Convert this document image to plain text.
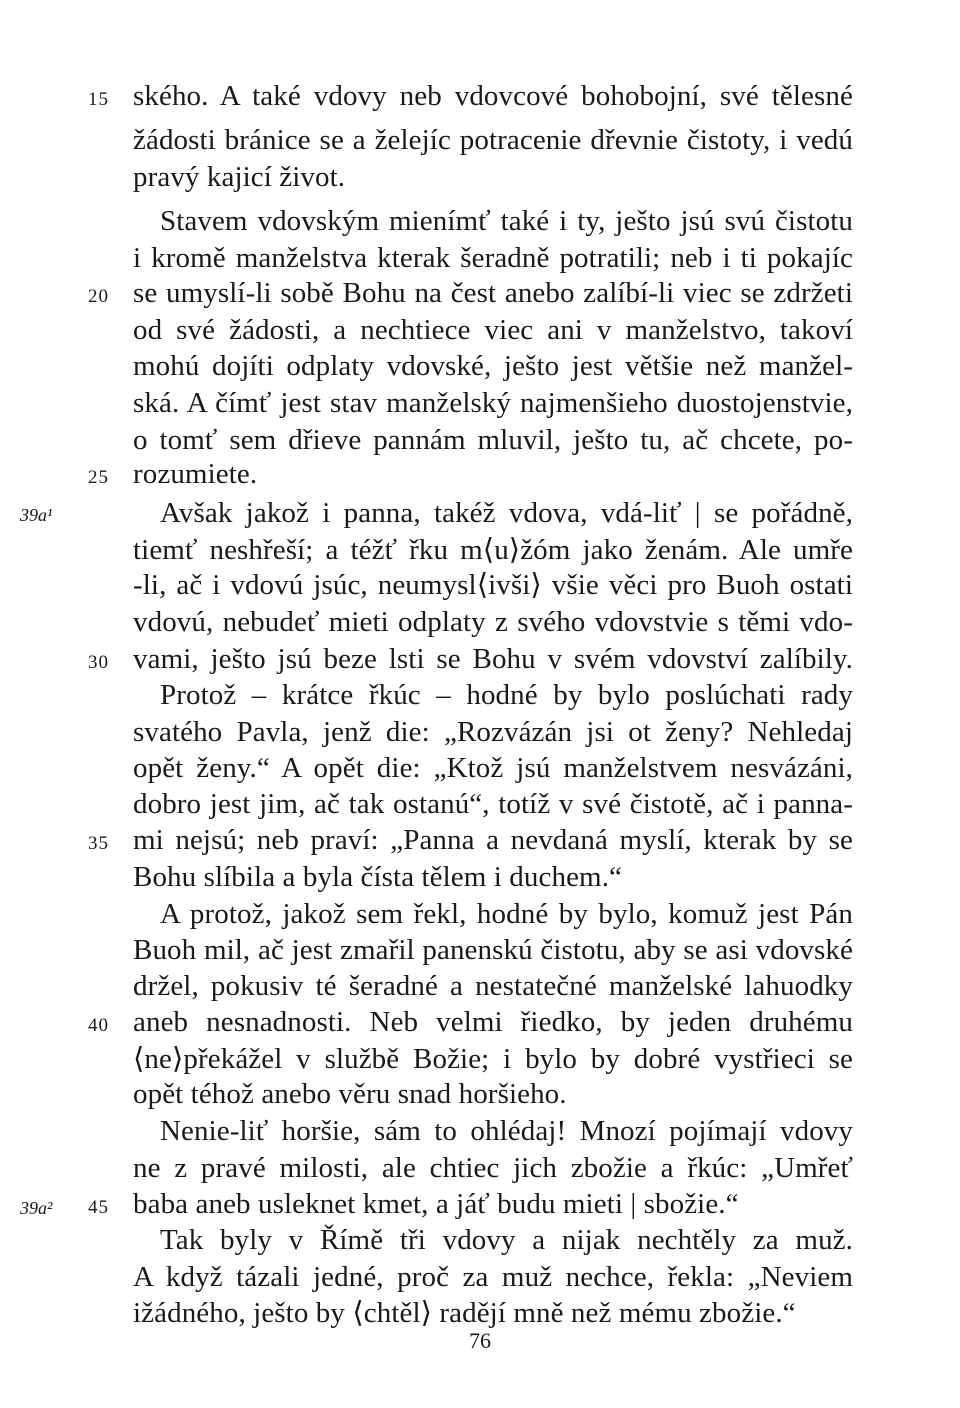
ského. A také vdovy neb vdovcové bohobojní, své tělesné
žádosti bránice se a želejíc potracenie dřevnie čistoty, i vedú
pravý kajicí život.
Stavem vdovským mienímť také i ty, ješto jsú svú čistotu
i kromě manželstva kterak šeradně potratili; neb i ti pokajíc
se umyslí-li sobě Bohu na čest anebo zalíbí-li viec se zdržeti
od své žádosti, a nechtiece viec ani v manželstvo, takoví
mohú dojíti odplaty vdovské, ješto jest většie než manžel-
ská. A čímť jest stav manželský najmenšieho duostojenstvie,
o tomť sem dřieve pannám mluvil, ješto tu, ač chcete, po-
rozumiete.
Avšak jakož i panna, takéž vdova, vdá-liť | se pořádně,
tiemť neshřeší; a téžť řku m⟨u⟩žóm jako ženám. Ale umře
-li, ač i vdovú jsúc, neumysl⟨ivši⟩ všie věci pro Buoh ostati
vdovú, nebudeť mieti odplaty z svého vdovstvie s těmi vdo-
vami, ješto jsú beze lsti se Bohu v svém vdovství zalíbily.
Protož – krátce řkúc – hodné by bylo poslúchati rady
svatého Pavla, jenž die: „Rozvázán jsi ot ženy? Nehledaj
opět ženy.“ A opět die: „Ktož jsú manželstvem nesvázáni,
dobro jest jim, ač tak ostanú“, totíž v své čistotě, ač i panna-
mi nejsú; neb praví: „Panna a nevdaná myslí, kterak by se
Bohu slíbila a byla čísta tělem i duchem.“
A protož, jakož sem řekl, hodné by bylo, komuž jest Pán
Buoh mil, ač jest zmařil panenskú čistotu, aby se asi vdovské
držel, pokusiv té šeradné a nestatečné manželské lahuodky
aneb nesnadnosti. Neb velmi řiedko, by jeden druhému
⟨ne⟩překážel v službě Božie; i bylo by dobré vystřieci se
opět téhož anebo věru snad horšieho.
Nenie-liť horšie, sám to ohlédaj! Mnozí pojímají vdovy
ne z pravé milosti, ale chtiec jich zbožie a řkúc: „Umřeť
baba aneb usleknet kmet, a jáť budu mieti | sbožie.“
Tak byly v Římě tři vdovy a nijak nechtěly za muž.
A když tázali jedné, proč za muž nechce, řekla: „Neviem
ižádného, ješto by ⟨chtěl⟩ radějí mně než mému zbožie.“
15
20
25
30
35
40
45
39a¹
39a²
76
